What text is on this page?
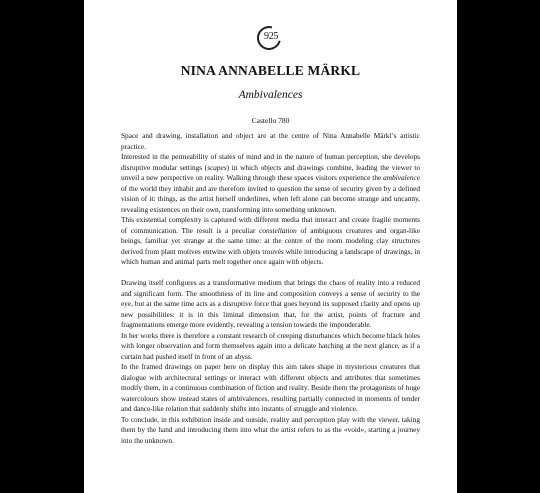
925
NINA ANNABELLE MÄRKL
Ambivalences
Castello 780

Space and drawing, installation and object are at the centre of Nina Annabelle Märkl’s artistic practice.

Interested in the permeability of states of mind and in the nature of human perception, she develops disruptive modular settings (scapes) in which objects and drawings combine, leading the viewer to unveil a new perspective on reality. Walking through these spaces visitors experience the ambivalence of the world they inhabit and are therefore invited to question the sense of security given by a defined vision of it: things, as the artist herself underlines, when left alone can become strange and uncanny, revealing existences on their own, transforming into something unknown.

This existential complexity is captured with different media that interact and create fragile moments of communication. The result is a peculiar constellation of ambiguous creatures and organ-like beings, familiar yet strange at the same time: at the centre of the room modeling clay structures derived from plant motives entwine with objets trouvés while introducing a landscape of drawings, in which human and animal parts melt together once again with objects.

Drawing itself configures as a transformative medium that brings the chaos of reality into a reduced and significant form. The smoothness of its line and composition conveys a sense of security to the eye, but at the same time acts as a disruptive force that goes beyond its supposed clarity and opens up new possibilities: it is in this liminal dimension that, for the artist, points of fracture and fragmentations emerge more evidently, revealing a tension towards the imponderable.

In her works there is therefore a constant research of creeping disturbances which become black holes with longer observation and form themselves again into a delicate hatching at the next glance, as if a curtain had pushed itself in front of an abyss.

In the framed drawings on paper here on display this aim takes shape in mysterious creatures that dialogue with architectural settings or interact with different objects and attributes that sometimes modify them, in a continuous combination of fiction and reality. Beside them the protagonists of huge watercolours show instead states of ambivalences, resulting partially connected in moments of tender and dance-like relation that suddenly shifts into instants of struggle and violence.

To conclude, in this exhibition inside and outside, reality and perception play with the viewer, taking them by the hand and introducing them into what the artist refers to as the «void», starting a journey into the unknown.
